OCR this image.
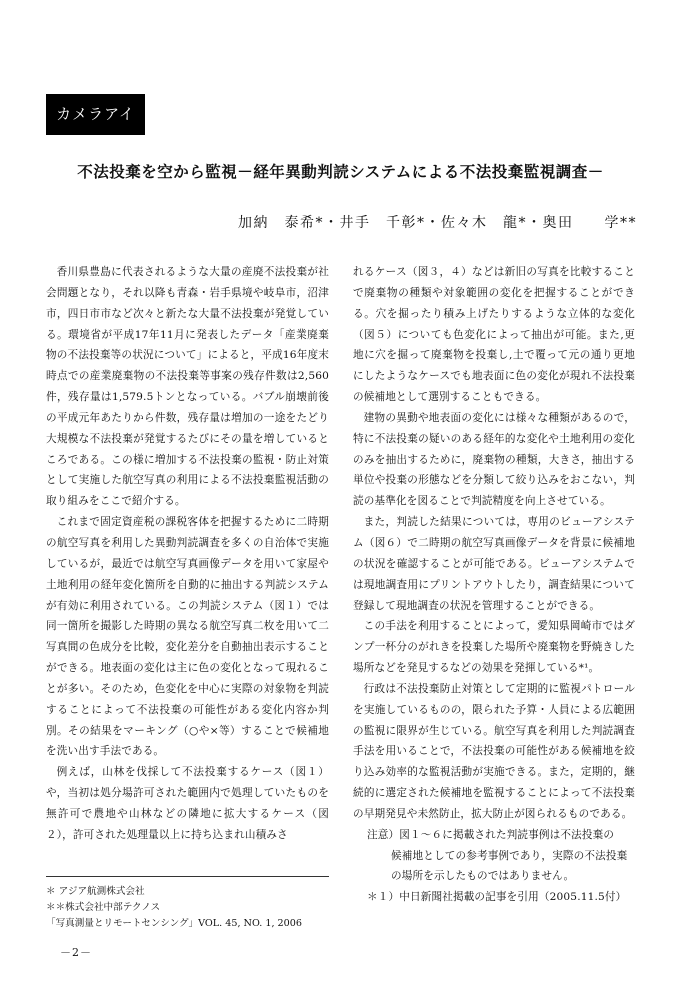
カメラアイ
不法投棄を空から監視－経年異動判読システムによる不法投棄監視調査－
加納　泰希*・井手　千彰*・佐々木　龍*・奥田　　学**

香川県豊島に代表されるような大量の産廃不法投棄が社会問題となり，それ以降も青森・岩手県境や岐阜市，沼津市，四日市市など次々と新たな大量不法投棄が発覚している。環境省が平成17年11月に発表したデータ「産業廃棄物の不法投棄等の状況について」によると，平成16年度末時点での産業廃棄物の不法投棄等事案の残存件数は2,560件，残存量は1,579.5トンとなっている。バブル崩壊前後の平成元年あたりから件数，残存量は増加の一途をたどり大規模な不法投棄が発覚するたびにその量を増しているところである。この様に増加する不法投棄の監視・防止対策として実施した航空写真の利用による不法投棄監視活動の取り組みをここで紹介する。

これまで固定資産税の課税客体を把握するために二時期の航空写真を利用した異動判読調査を多くの自治体で実施しているが，最近では航空写真画像データを用いて家屋や土地利用の経年変化箇所を自動的に抽出する判読システムが有効に利用されている。この判読システム（図１）では同一箇所を撮影した時期の異なる航空写真二枚を用いて二写真間の色成分を比較，変化差分を自動抽出表示することができる。地表面の変化は主に色の変化となって現れることが多い。そのため，色変化を中心に実際の対象物を判読することによって不法投棄の可能性がある変化内容か判別。その結果をマーキング（○や×等）することで候補地を洗い出す手法である。

例えば，山林を伐採して不法投棄するケース（図１）や，当初は処分場許可された範囲内で処理していたものを無許可で農地や山林などの隣地に拡大するケース（図２），許可された処理量以上に持ち込まれ山積みさ

れるケース（図３，４）などは新旧の写真を比較することで廃棄物の種類や対象範囲の変化を把握することができる。穴を掘ったり積み上げたりするような立体的な変化（図５）についても色変化によって抽出が可能。また,更地に穴を掘って廃棄物を投棄し,土で覆って元の通り更地にしたようなケースでも地表面に色の変化が現れ不法投棄の候補地として選別することもできる。

建物の異動や地表面の変化には様々な種類があるので，特に不法投棄の疑いのある経年的な変化や土地利用の変化のみを抽出するために，廃棄物の種類，大きさ，抽出する単位や投棄の形態などを分類して絞り込みをおこない，判読の基準化を図ることで判読精度を向上させている。

また，判読した結果については，専用のビューアシステム（図６）で二時期の航空写真画像データを背景に候補地の状況を確認することが可能である。ビューアシステムでは現地調査用にプリントアウトしたり，調査結果について登録して現地調査の状況を管理することができる。

この手法を利用することによって，愛知県岡崎市ではダンプ一杯分のがれきを投棄した場所や廃棄物を野焼きした場所などを発見するなどの効果を発揮している*¹。

行政は不法投棄防止対策として定期的に監視パトロールを実施しているものの，限られた予算・人員による広範囲の監視に限界が生じている。航空写真を利用した判読調査手法を用いることで，不法投棄の可能性がある候補地を絞り込み効率的な監視活動が実施できる。また，定期的，継続的に選定された候補地を監視することによって不法投棄の早期発見や未然防止，拡大防止が図られるものである。

注意）図１～６に掲載された判読事例は不法投棄の
候補地としての参考事例であり，実際の不法投棄の場所を示したものではありません。
＊１）中日新聞社掲載の記事を引用（2005.11.5付）
＊ アジア航測株式会社
＊＊株式会社中部テクノス
「写真測量とリモートセンシング」VOL. 45, NO. 1, 2006
－2－
